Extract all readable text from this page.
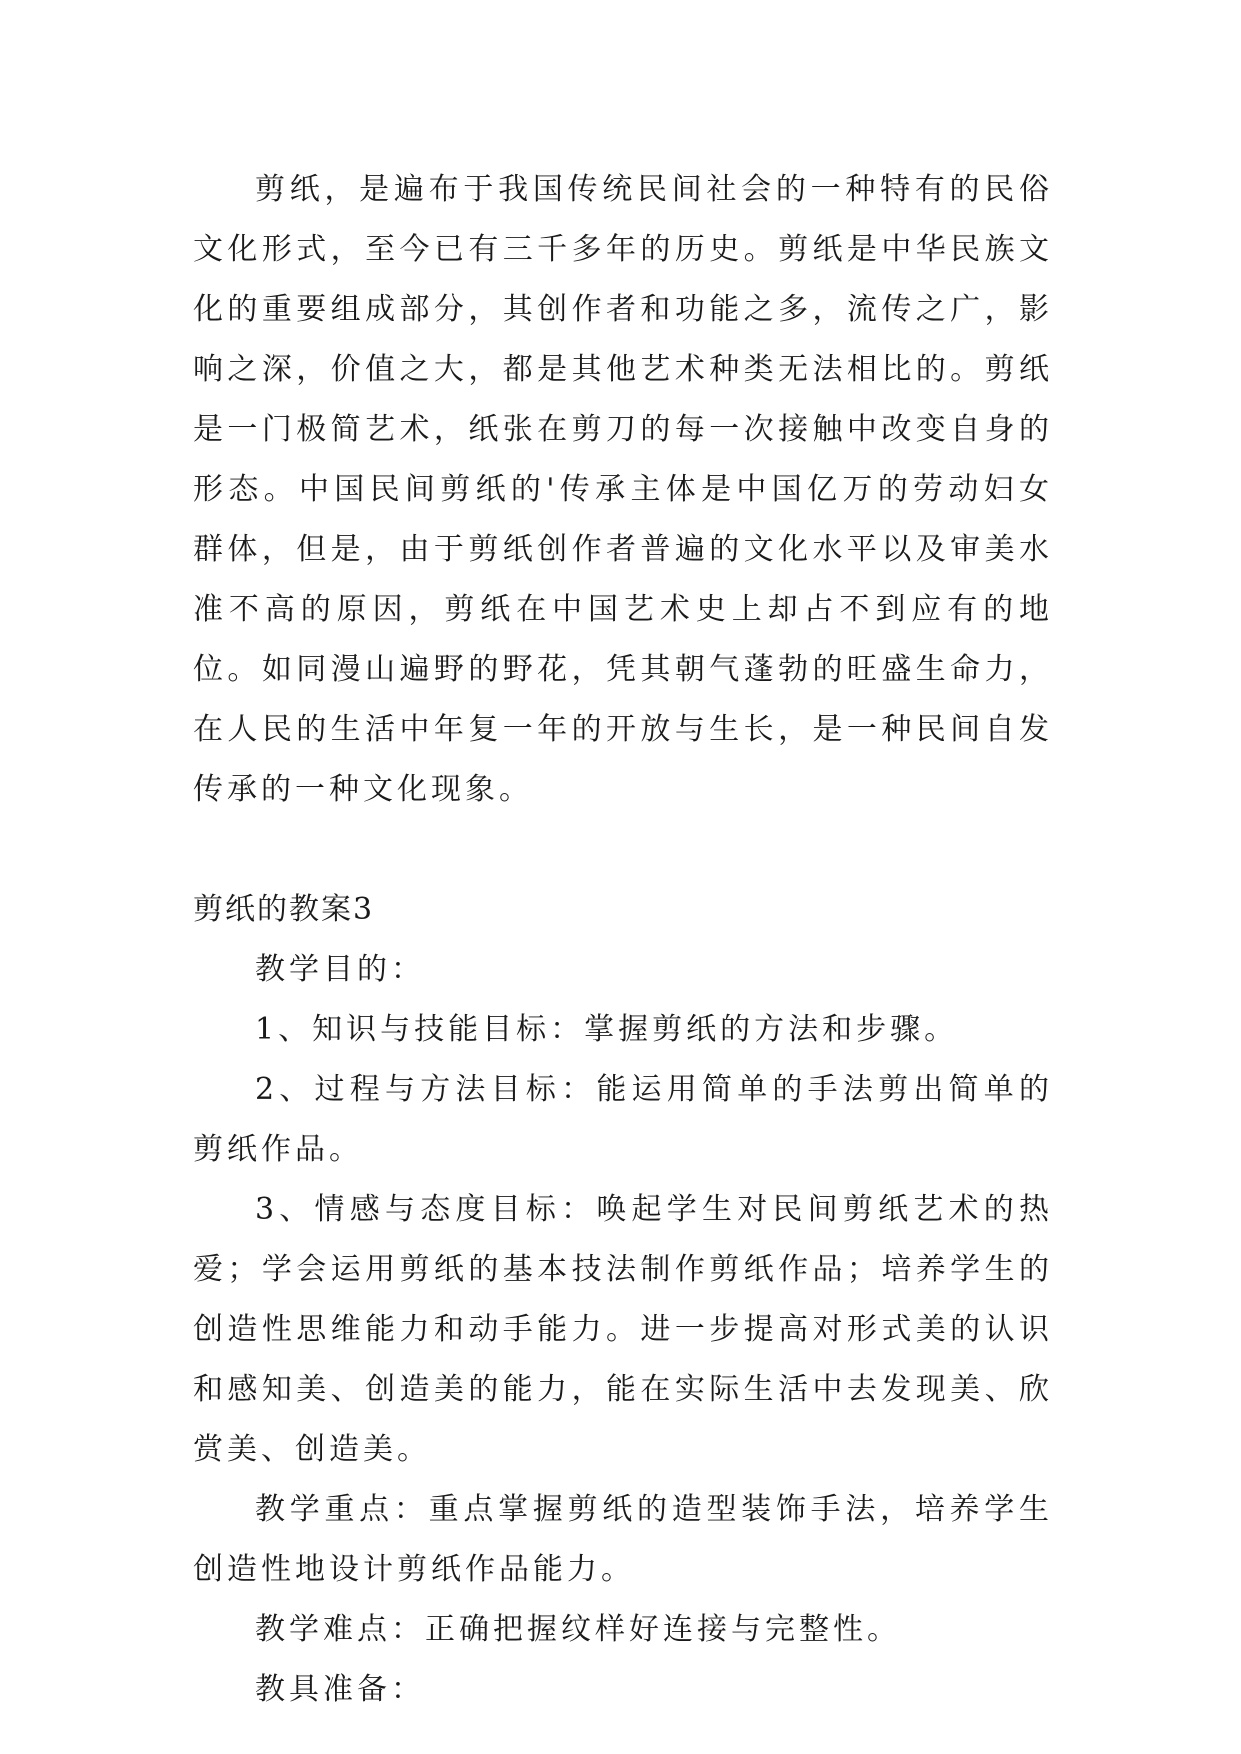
剪纸，是遍布于我国传统民间社会的一种特有的民俗文化形式，至今已有三千多年的历史。剪纸是中华民族文化的重要组成部分，其创作者和功能之多，流传之广，影响之深，价值之大，都是其他艺术种类无法相比的。剪纸是一门极简艺术，纸张在剪刀的每一次接触中改变自身的形态。中国民间剪纸的'传承主体是中国亿万的劳动妇女群体，但是，由于剪纸创作者普遍的文化水平以及审美水准不高的原因，剪纸在中国艺术史上却占不到应有的地位。如同漫山遍野的野花，凭其朝气蓬勃的旺盛生命力，在人民的生活中年复一年的开放与生长，是一种民间自发传承的一种文化现象。

剪纸的教案3

教学目的：

1、知识与技能目标：掌握剪纸的方法和步骤。

2、过程与方法目标：能运用简单的手法剪出简单的剪纸作品。

3、情感与态度目标：唤起学生对民间剪纸艺术的热爱；学会运用剪纸的基本技法制作剪纸作品；培养学生的创造性思维能力和动手能力。进一步提高对形式美的认识和感知美、创造美的能力，能在实际生活中去发现美、欣赏美、创造美。

教学重点：重点掌握剪纸的造型装饰手法，培养学生创造性地设计剪纸作品能力。

教学难点：正确把握纹样好连接与完整性。

教具准备：
